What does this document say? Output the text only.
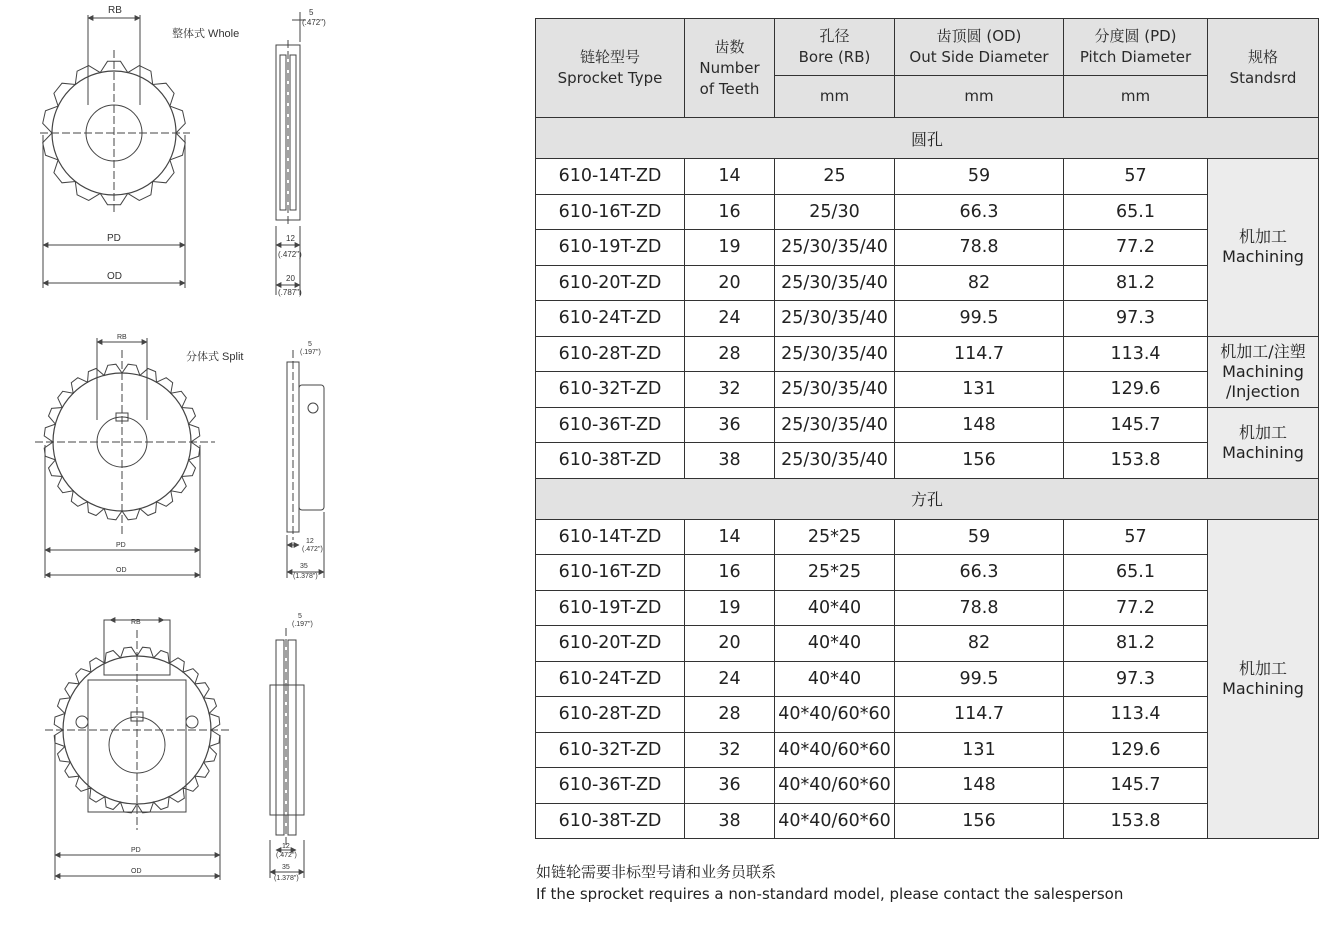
RB
整体式 Whole
PD
OD
5
(.472")
12
(.472")
20
(.787")
RB
分体式 Split
PD
OD
5
(.197")
12
(.472")
35
(1.378")
RB
PD
OD
5
(.197")
12
(.472")
35
(1.378")
链轮型号
Sprocket Type	齿数
Number
of Teeth	孔径
Bore (RB)	齿顶圆 (OD)
Out Side Diameter	分度圆 (PD)
Pitch Diameter	规格
Standsrd

		mm	mm	mm	
圆孔					
610-14T-ZD	14	25	59	57	机加工
Machining

610-16T-ZD	16	25/30	66.3	65.1	
610-19T-ZD	19	25/30/35/40	78.8	77.2	
610-20T-ZD	20	25/30/35/40	82	81.2	
610-24T-ZD	24	25/30/35/40	99.5	97.3	
610-28T-ZD	28	25/30/35/40	114.7	113.4	机加工/注塑
Machining
/Injection

610-32T-ZD	32	25/30/35/40	131	129.6	
610-36T-ZD	36	25/30/35/40	148	145.7	机加工
Machining

610-38T-ZD	38	25/30/35/40	156	153.8	
方孔					
610-14T-ZD	14	25*25	59	57	机加工
Machining

610-16T-ZD	16	25*25	66.3	65.1	
610-19T-ZD	19	40*40	78.8	77.2	
610-20T-ZD	20	40*40	82	81.2	
610-24T-ZD	24	40*40	99.5	97.3	
610-28T-ZD	28	40*40/60*60	114.7	113.4	
610-32T-ZD	32	40*40/60*60	131	129.6	
610-36T-ZD	36	40*40/60*60	148	145.7	
610-38T-ZD	38	40*40/60*60	156	153.8	
如链轮需要非标型号请和业务员联系
If the sprocket requires a non-standard model, please contact the salesperson
